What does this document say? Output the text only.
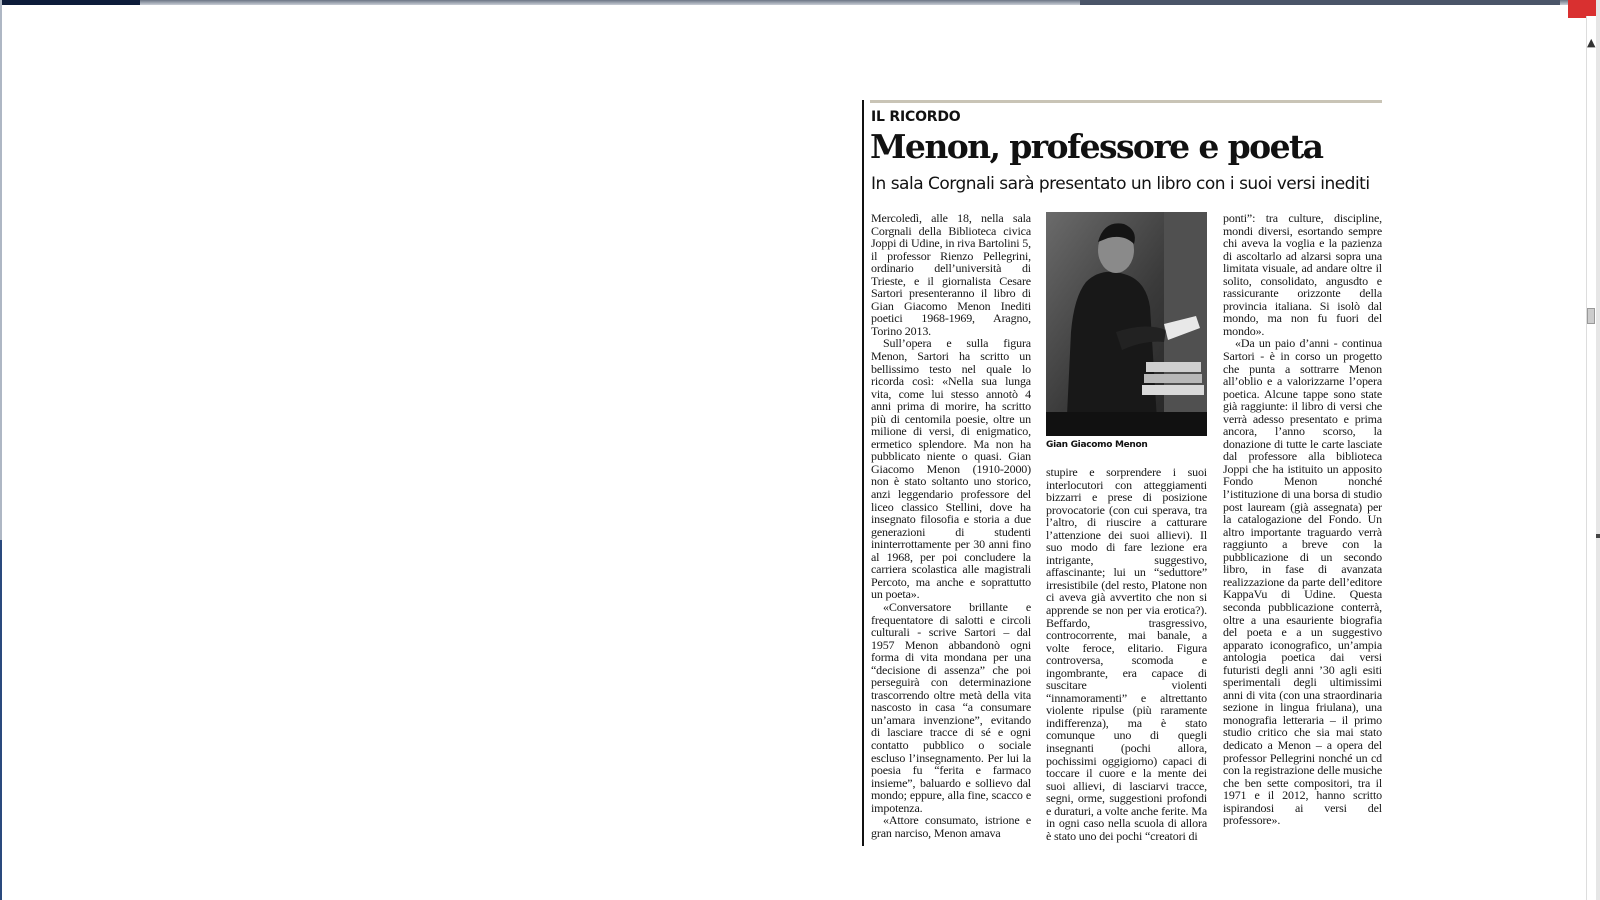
▲
IL RICORDO
Menon, professore e poeta
In sala Corgnali sarà presentato un libro con i suoi versi inediti

Mercoledì, alle 18, nella sala Corgnali della Biblioteca civica Joppi di Udine, in riva Bartolini 5, il professor Rienzo Pellegrini, ordinario dell’università di Trieste, e il giornalista Cesare Sartori presenteranno il libro di Gian Giacomo Menon Inediti poetici 1968-1969, Aragno, Torino 2013.

Sull’opera e sulla figura Menon, Sartori ha scritto un bellissimo testo nel quale lo ricorda così: «Nella sua lunga vita, come lui stesso annotò 4 anni prima di morire, ha scritto più di centomila poesie, oltre un milione di versi, di enigmatico, ermetico splendore. Ma non ha pubblicato niente o quasi. Gian Giacomo Menon (1910-2000) non è stato soltanto uno storico, anzi leggendario professore del liceo classico Stellini, dove ha insegnato filosofia e storia a due generazioni di studenti ininterrottamente per 30 anni fino al 1968, per poi concludere la carriera scolastica alle magistrali Percoto, ma anche e soprattutto un poeta».

«Conversatore brillante e frequentatore di salotti e circoli culturali - scrive Sartori – dal 1957 Menon abbandonò ogni forma di vita mondana per una “decisione di assenza” che poi perseguirà con determinazione trascorrendo oltre metà della vita nascosto in casa “a consumare un’amara invenzione”, evitando di lasciare tracce di sé e ogni contatto pubblico o sociale escluso l’insegnamento. Per lui la poesia fu “ferita e farmaco insieme”, baluardo e sollievo dal mondo; eppure, alla fine, scacco e impotenza.

«Attore consumato, istrione e gran narciso, Menon amava

Gian Giacomo Menon

stupire e sorprendere i suoi interlocutori con atteggiamenti bizzarri e prese di posizione provocatorie (con cui sperava, tra l’altro, di riuscire a catturare l’attenzione dei suoi allievi). Il suo modo di fare lezione era intrigante, suggestivo, affascinante; lui un “seduttore” irresistibile (del resto, Platone non ci aveva già avvertito che non si apprende se non per via erotica?). Beffardo, trasgressivo, controcorrente, mai banale, a volte feroce, elitario. Figura controversa, scomoda e ingombrante, era capace di suscitare violenti “innamoramenti” e altrettanto violente ripulse (più raramente indifferenza), ma è stato comunque uno di quegli insegnanti (pochi allora, pochissimi oggigiorno) capaci di toccare il cuore e la mente dei suoi allievi, di lasciarvi tracce, segni, orme, suggestioni profondi e duraturi, a volte anche ferite. Ma in ogni caso nella scuola di allora è stato uno dei pochi “creatori di

ponti”: tra culture, discipline, mondi diversi, esortando sempre chi aveva la voglia e la pazienza di ascoltarlo ad alzarsi sopra una limitata visuale, ad andare oltre il solito, consolidato, angusdto e rassicurante orizzonte della provincia italiana. Si isolò dal mondo, ma non fu fuori del mondo».

«Da un paio d’anni - continua Sartori - è in corso un progetto che punta a sottrarre Menon all’oblio e a valorizzarne l’opera poetica. Alcune tappe sono state già raggiunte: il libro di versi che verrà adesso presentato e prima ancora, l’anno scorso, la donazione di tutte le carte lasciate dal professore alla biblioteca Joppi che ha istituito un apposito Fondo Menon nonché l’istituzione di una borsa di studio post lauream (già assegnata) per la catalogazione del Fondo. Un altro importante traguardo verrà raggiunto a breve con la pubblicazione di un secondo libro, in fase di avanzata realizzazione da parte dell’editore KappaVu di Udine. Questa seconda pubblicazione conterrà, oltre a una esauriente biografia del poeta e a un suggestivo apparato iconografico, un’ampia antologia poetica dai versi futuristi degli anni ’30 agli esiti sperimentali degli ultimissimi anni di vita (con una straordinaria sezione in lingua friulana), una monografia letteraria – il primo studio critico che sia mai stato dedicato a Menon – a opera del professor Pellegrini nonché un cd con la registrazione delle musiche che ben sette compositori, tra il 1971 e il 2012, hanno scritto ispirandosi ai versi del professore».
